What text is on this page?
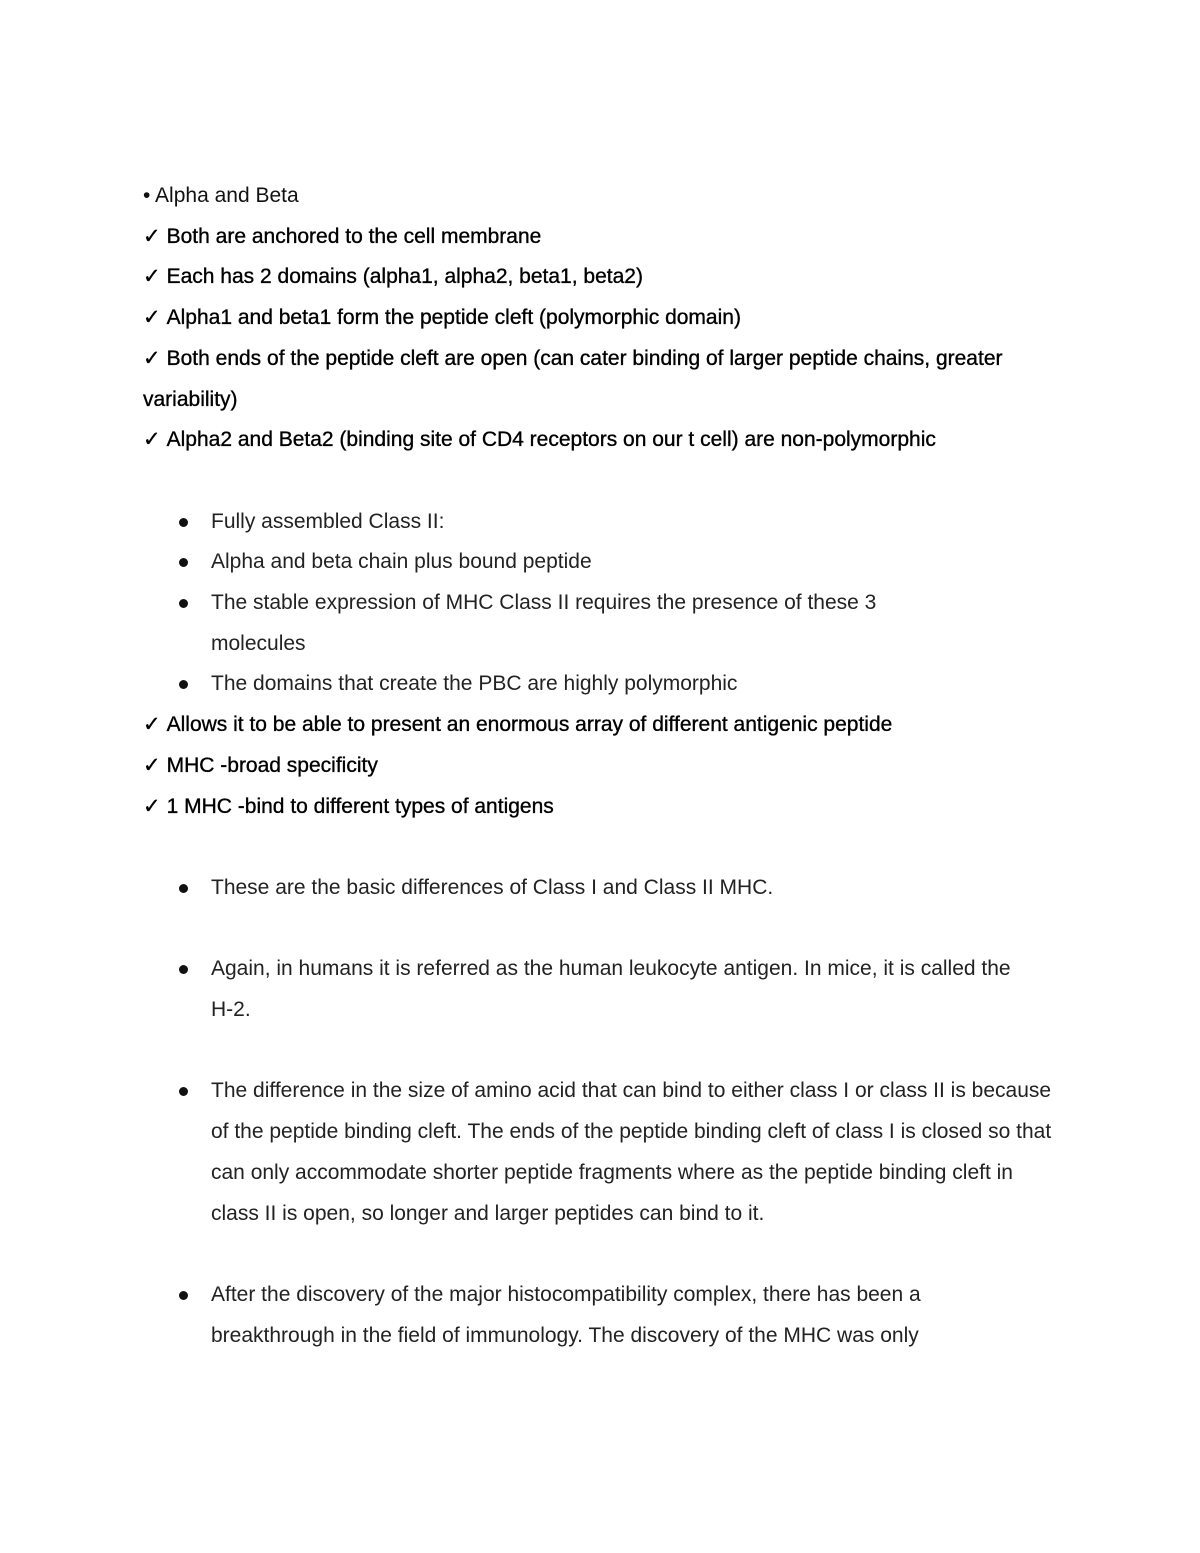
• Alpha and Beta
✓ Both are anchored to the cell membrane
✓ Each has 2 domains (alpha1, alpha2, beta1, beta2)
✓ Alpha1 and beta1 form the peptide cleft (polymorphic domain)
✓ Both ends of the peptide cleft are open (can cater binding of larger peptide chains, greater variability)
✓ Alpha2 and Beta2 (binding site of CD4 receptors on our t cell) are non-polymorphic
Fully assembled Class II:
Alpha and beta chain plus bound peptide
The stable expression of MHC Class II requires the presence of these 3 molecules
The domains that create the PBC are highly polymorphic
✓ Allows it to be able to present an enormous array of different antigenic peptide
✓ MHC -broad specificity
✓ 1 MHC -bind to different types of antigens
These are the basic differences of Class I and Class II MHC.
Again, in humans it is referred as the human leukocyte antigen. In mice, it is called the H-2.
The difference in the size of amino acid that can bind to either class I or class II is because of the peptide binding cleft. The ends of the peptide binding cleft of class I is closed so that can only accommodate shorter peptide fragments where as the peptide binding cleft in class II is open, so longer and larger peptides can bind to it.
After the discovery of the major histocompatibility complex, there has been a breakthrough in the field of immunology. The discovery of the MHC was only
